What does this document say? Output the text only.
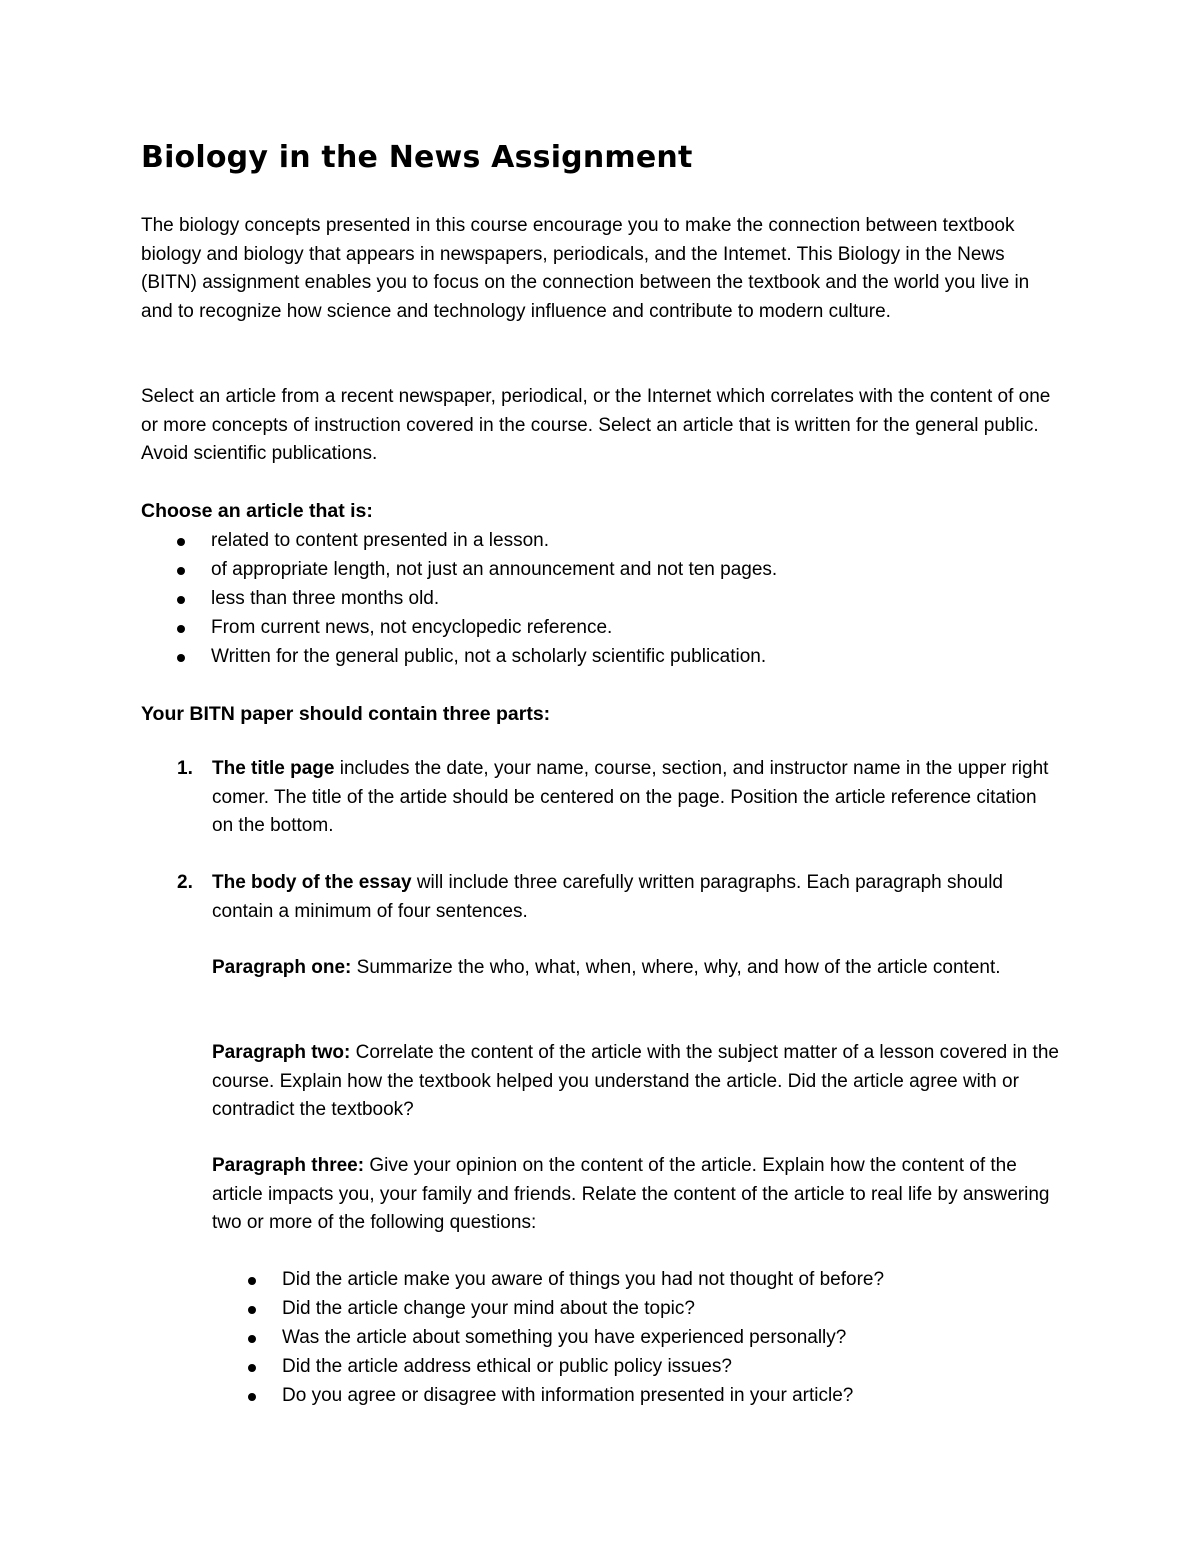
Biology in the News Assignment

The biology concepts presented in this course encourage you to make the connection between textbook biology and biology that appears in newspapers, periodicals, and the Intemet. This Biology in the News (BITN) assignment enables you to focus on the connection between the textbook and the world you live in and to recognize how science and technology influence and contribute to modern culture.

Select an article from a recent newspaper, periodical, or the Internet which correlates with the content of one or more concepts of instruction covered in the course. Select an article that is written for the general public. Avoid scientific publications.

Choose an article that is:

related to content presented in a lesson.
of appropriate length, not just an announcement and not ten pages.
less than three months old.
From current news, not encyclopedic reference.
Written for the general public, not a scholarly scientific publication.

Your BITN paper should contain three parts:

1. The title page includes the date, your name, course, section, and instructor name in the upper right comer. The title of the artide should be centered on the page. Position the article reference citation on the bottom.

2. The body of the essay will include three carefully written paragraphs. Each paragraph should contain a minimum of four sentences.

Paragraph one: Summarize the who, what, when, where, why, and how of the article content.

Paragraph two: Correlate the content of the article with the subject matter of a lesson covered in the course. Explain how the textbook helped you understand the article. Did the article agree with or contradict the textbook?

Paragraph three: Give your opinion on the content of the article. Explain how the content of the article impacts you, your family and friends. Relate the content of the article to real life by answering two or more of the following questions:

Did the article make you aware of things you had not thought of before?
Did the article change your mind about the topic?
Was the article about something you have experienced personally?
Did the article address ethical or public policy issues?
Do you agree or disagree with information presented in your article?
